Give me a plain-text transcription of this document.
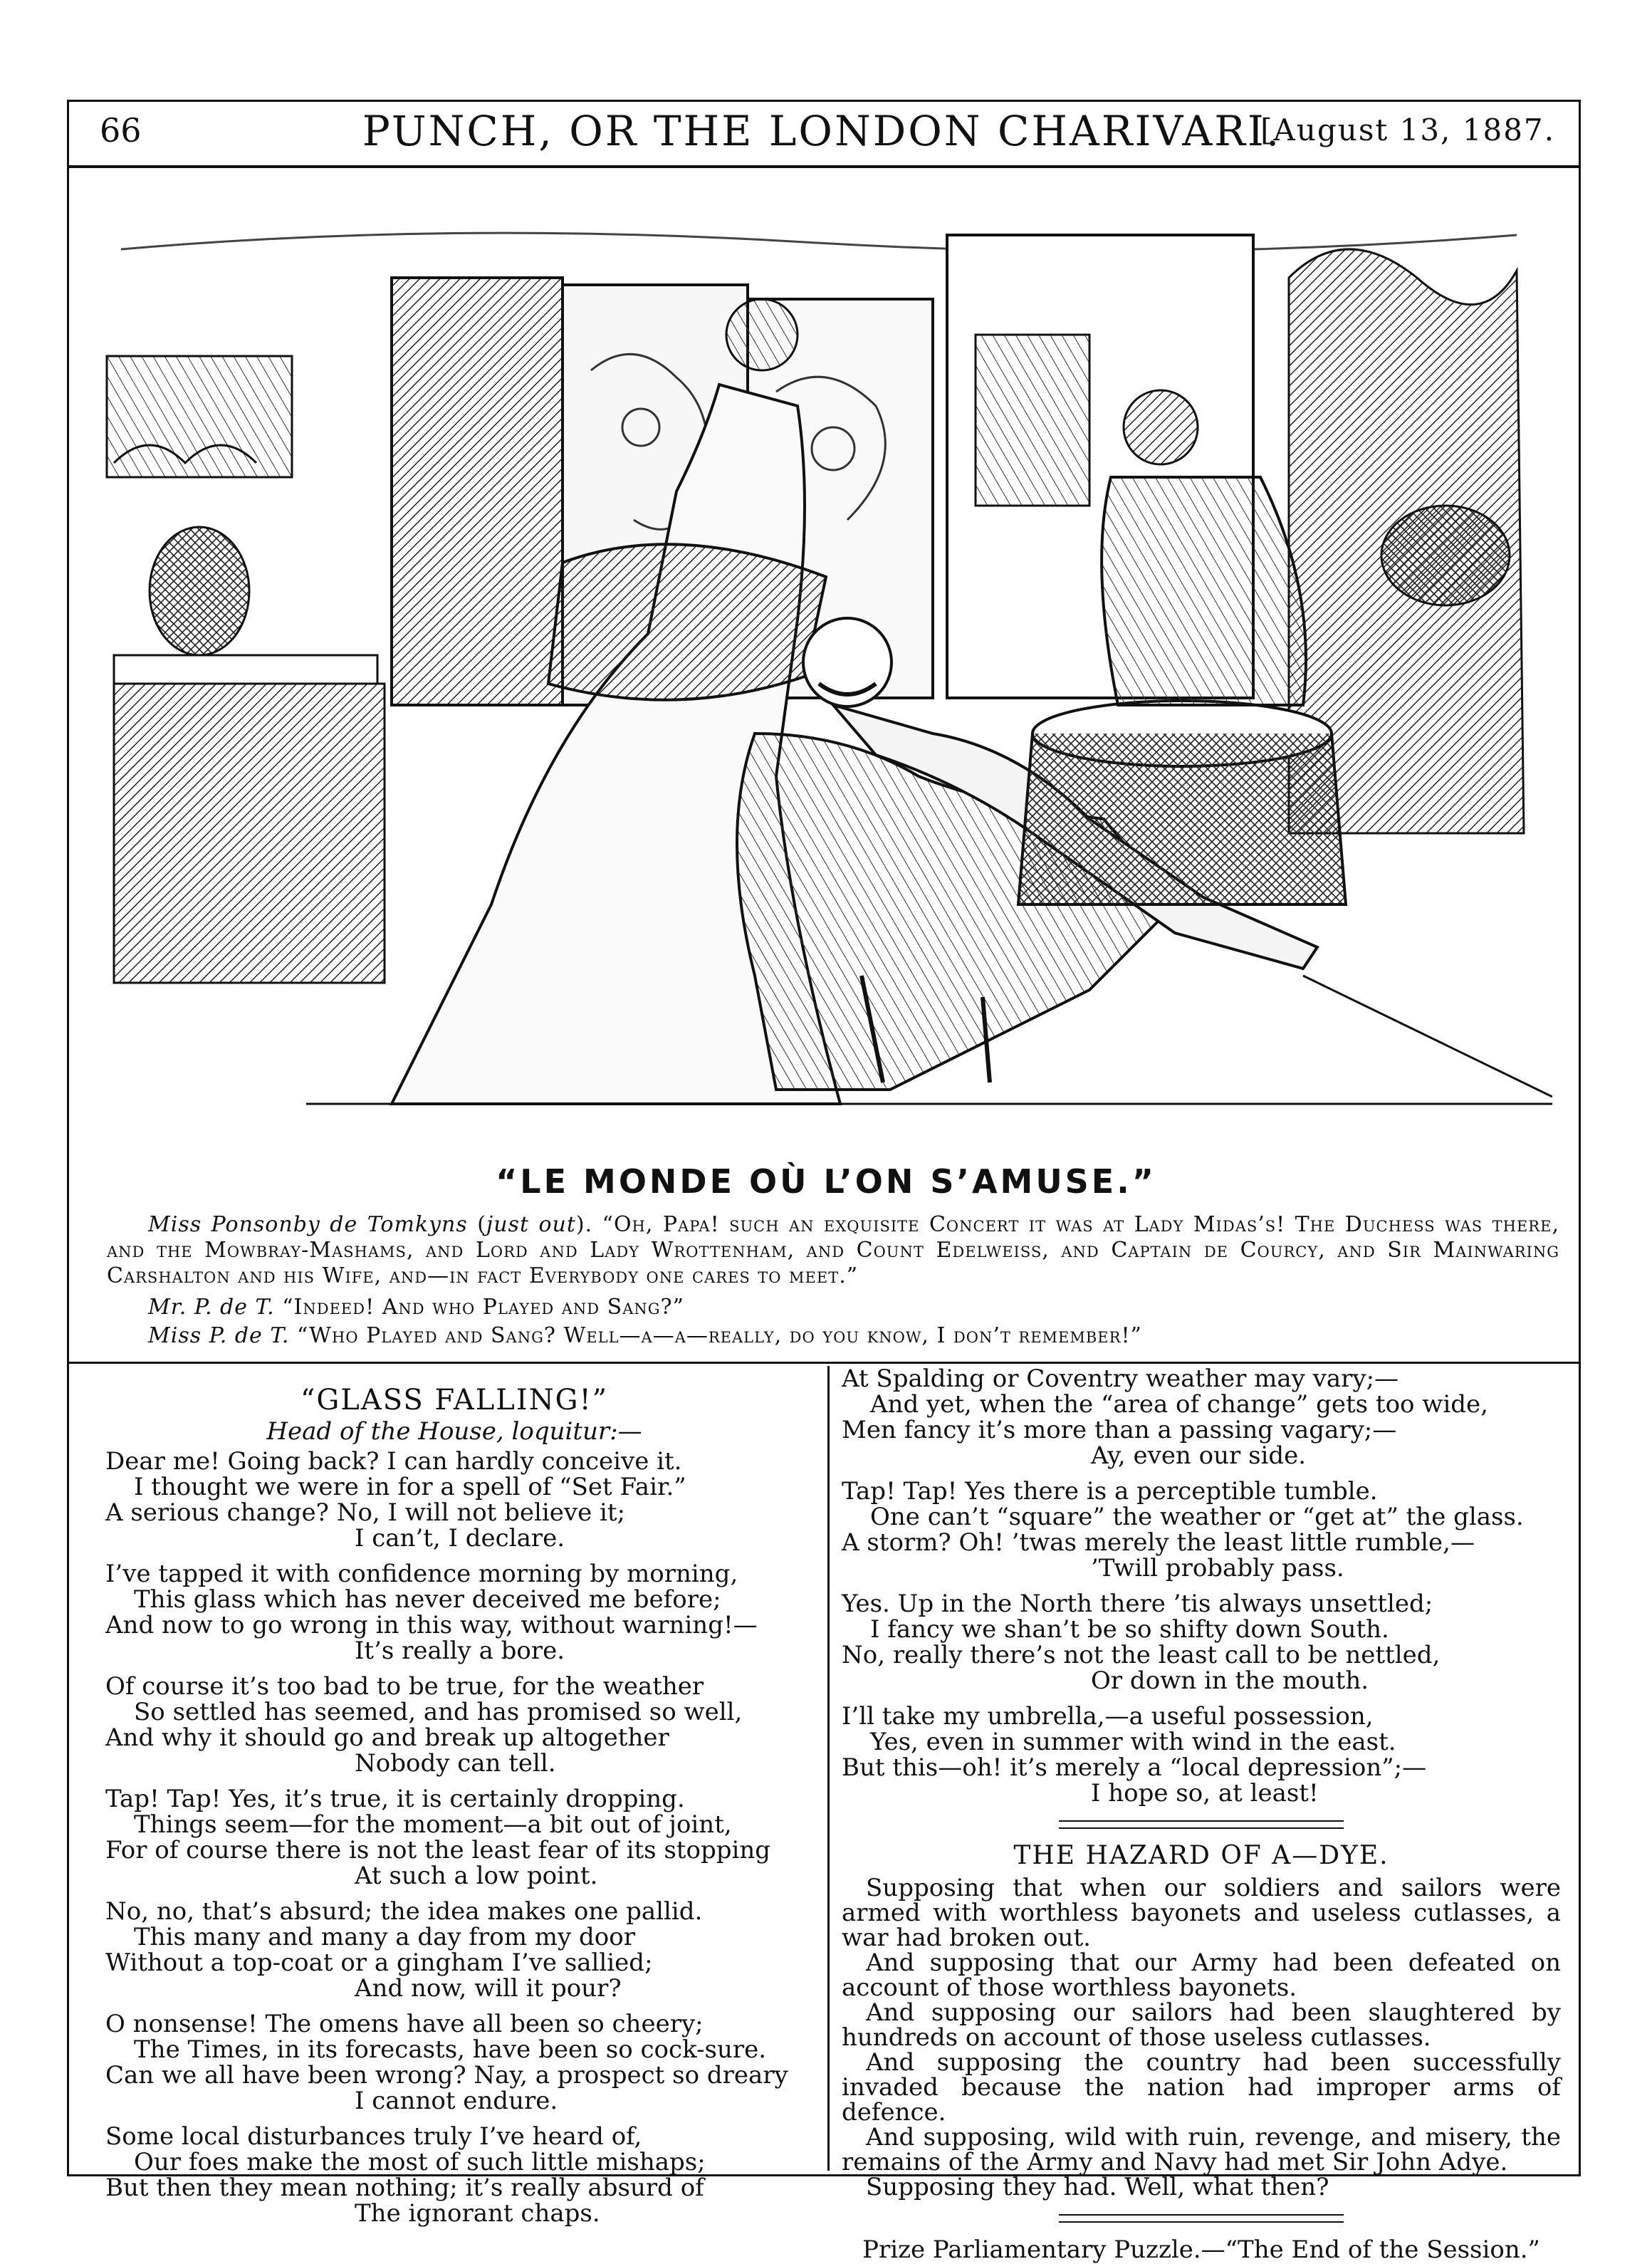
66	PUNCH, OR THE LONDON CHARIVARI.
[August 13, 1887.
“LE MONDE OÙ L’ON S’AMUSE.”
Miss Ponsonby de Tomkyns (just out). “Oh, Papa! such an exquisite Concert it was at Lady Midas’s! The Duchess was there, and the Mowbray-Mashams, and Lord and Lady Wrottenham, and Count Edelweiss, and Captain de Courcy, and Sir Mainwaring Carshalton and his Wife, and—in fact Everybody one cares to meet.”
Mr. P. de T. “Indeed! And who Played and Sang?”
Miss P. de T. “Who Played and Sang? Well—a—a—really, do you know, I don’t remember!”
“GLASS FALLING!”
Head of the House, loquitur:—
Dear me! Going back? I can hardly conceive it.
I thought we were in for a spell of “Set Fair.”
A serious change? No, I will not believe it;
I can’t, I declare.
I’ve tapped it with confidence morning by morning,
This glass which has never deceived me before;
And now to go wrong in this way, without warning!—
It’s really a bore.
Of course it’s too bad to be true, for the weather
So settled has seemed, and has promised so well,
And why it should go and break up altogether
Nobody can tell.
Tap! Tap! Yes, it’s true, it is certainly dropping.
Things seem—for the moment—a bit out of joint,
For of course there is not the least fear of its stopping
At such a low point.
No, no, that’s absurd; the idea makes one pallid.
This many and many a day from my door
Without a top-coat or a gingham I’ve sallied;
And now, will it pour?
O nonsense! The omens have all been so cheery;
The Times, in its forecasts, have been so cock-sure.
Can we all have been wrong? Nay, a prospect so dreary
I cannot endure.
Some local disturbances truly I’ve heard of,
Our foes make the most of such little mishaps;
But then they mean nothing; it’s really absurd of
The ignorant chaps.
At Spalding or Coventry weather may vary;—
And yet, when the “area of change” gets too wide,
Men fancy it’s more than a passing vagary;—
Ay, even our side.
Tap! Tap! Yes there is a perceptible tumble.
One can’t “square” the weather or “get at” the glass.
A storm? Oh! ’twas merely the least little rumble,—
’Twill probably pass.
Yes. Up in the North there ’tis always unsettled;
I fancy we shan’t be so shifty down South.
No, really there’s not the least call to be nettled,
Or down in the mouth.
I’ll take my umbrella,—a useful possession,
Yes, even in summer with wind in the east.
But this—oh! it’s merely a “local depression”;—
I hope so, at least!
THE HAZARD OF A—DYE.

Supposing that when our soldiers and sailors were armed with worthless bayonets and useless cutlasses, a war had broken out.

And supposing that our Army had been defeated on account of those worthless bayonets.

And supposing our sailors had been slaughtered by hundreds on account of those useless cutlasses.

And supposing the country had been successfully invaded because the nation had improper arms of defence.

And supposing, wild with ruin, revenge, and misery, the remains of the Army and Navy had met Sir John Adye.

Supposing they had. Well, what then?

Prize Parliamentary Puzzle.—“The End of the Session.”
